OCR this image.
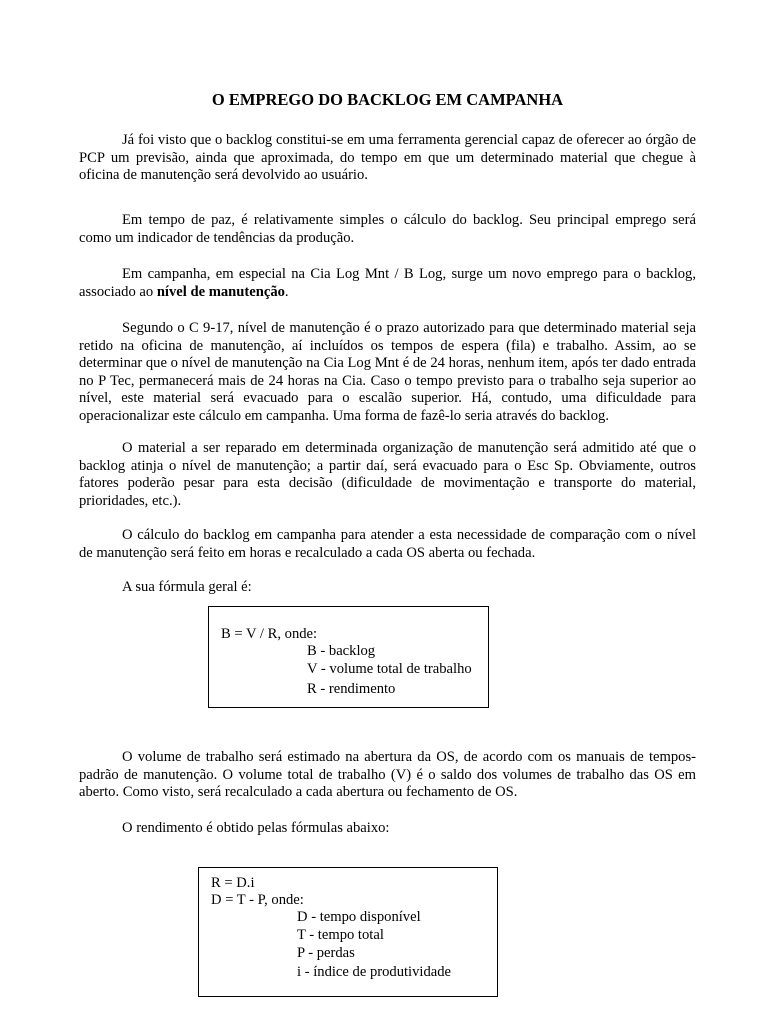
O EMPREGO DO BACKLOG EM CAMPANHA

Já foi visto que o backlog constitui-se em uma ferramenta gerencial capaz de oferecer ao órgão de PCP um previsão, ainda que aproximada, do tempo em que um determinado material que chegue à oficina de manutenção será devolvido ao usuário.

Em tempo de paz, é relativamente simples o cálculo do backlog. Seu principal emprego será como um indicador de tendências da produção.

Em campanha, em especial na Cia Log Mnt / B Log, surge um novo emprego para o backlog, associado ao nível de manutenção.

Segundo o C 9-17, nível de manutenção é o prazo autorizado para que determinado material seja retido na oficina de manutenção, aí incluídos os tempos de espera (fila) e trabalho. Assim, ao se determinar que o nível de manutenção na Cia Log Mnt é de 24 horas, nenhum item, após ter dado entrada no P Tec, permanecerá mais de 24 horas na Cia. Caso o tempo previsto para o trabalho seja superior ao nível, este material será evacuado para o escalão superior. Há, contudo, uma dificuldade para operacionalizar este cálculo em campanha. Uma forma de fazê-lo seria através do backlog.

O material a ser reparado em determinada organização de manutenção será admitido até que o backlog atinja o nível de manutenção; a partir daí, será evacuado para o Esc Sp. Obviamente, outros fatores poderão pesar para esta decisão (dificuldade de movimentação e transporte do material, prioridades, etc.).

O cálculo do backlog em campanha para atender a esta necessidade de comparação com o nível de manutenção será feito em horas e recalculado a cada OS aberta ou fechada.

A sua fórmula geral é:

B = V / R, onde:
B - backlog
V - volume total de trabalho
R - rendimento

O volume de trabalho será estimado na abertura da OS, de acordo com os manuais de tempos-padrão de manutenção. O volume total de trabalho (V) é o saldo dos volumes de trabalho das OS em aberto. Como visto, será recalculado a cada abertura ou fechamento de OS.

O rendimento é obtido pelas fórmulas abaixo:

R = D.i
D = T - P, onde:
D - tempo disponível
T - tempo total
P - perdas
i - índice de produtividade
